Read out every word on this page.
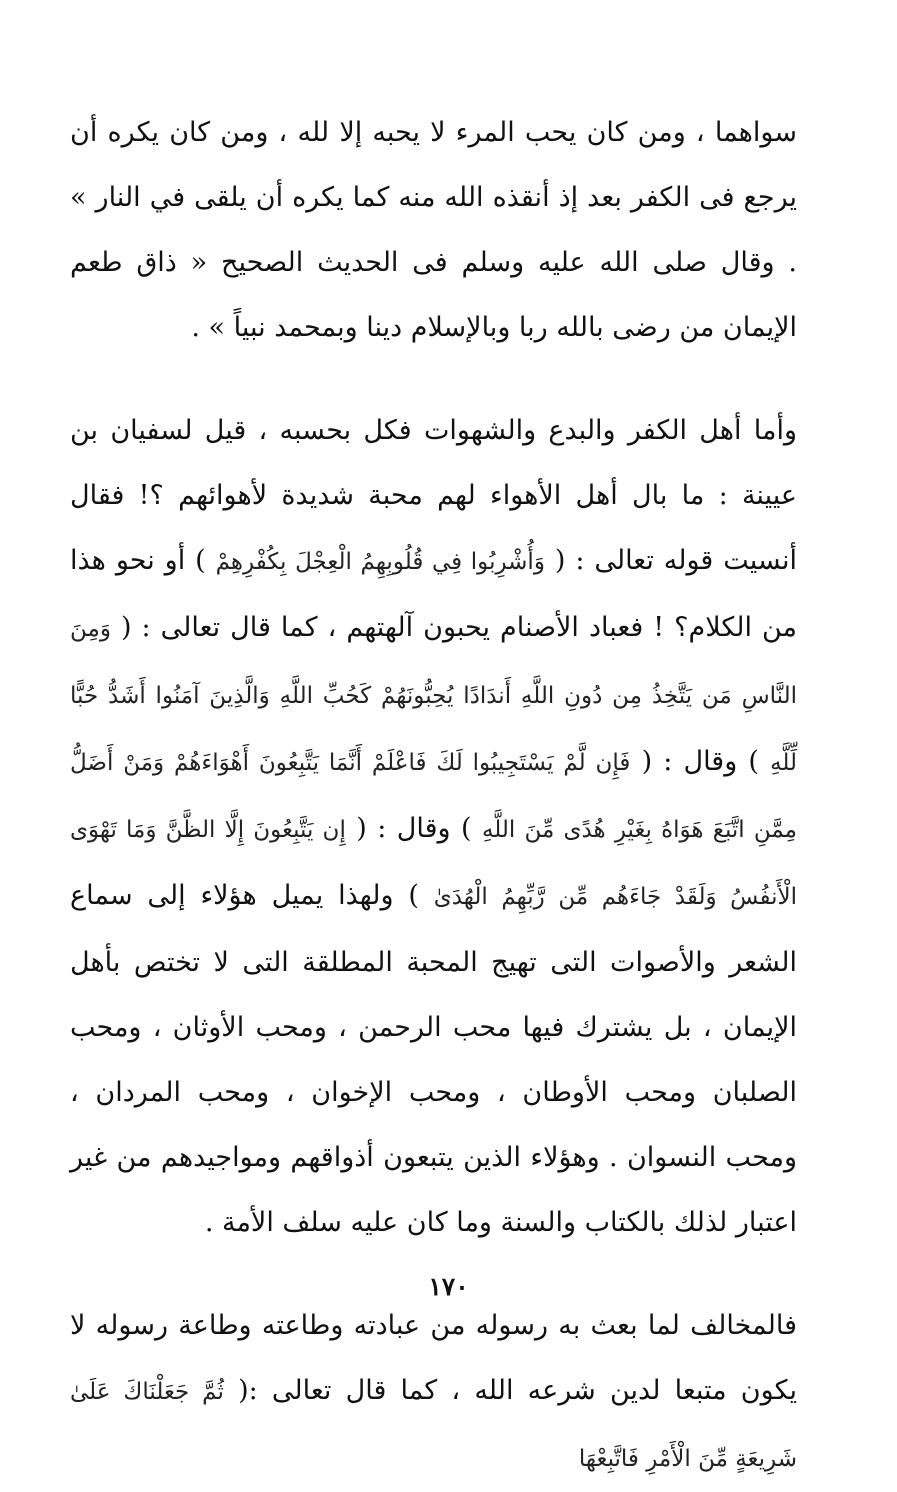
سواهما ، ومن كان يحب المرء لا يحبه إلا لله ، ومن كان يكره أن يرجع فى الكفر بعد إذ أنقذه الله منه كما يكره أن يلقى في النار » . وقال صلى الله عليه وسلم فى الحديث الصحيح « ذاق طعم الإيمان من رضى بالله ربا وبالإسلام دينا وبمحمد نبياً » .

وأما أهل الكفر والبدع والشهوات فكل بحسبه ، قيل لسفيان بن عيينة : ما بال أهل الأهواء لهم محبة شديدة لأهوائهم ؟! فقال أنسيت قوله تعالى : ( وَأُشْرِبُوا فِي قُلُوبِهِمُ الْعِجْلَ بِكُفْرِهِمْ ) أو نحو هذا من الكلام؟ ! فعباد الأصنام يحبون آلهتهم ، كما قال تعالى : ( وَمِنَ النَّاسِ مَن يَتَّخِذُ مِن دُونِ اللَّهِ أَندَادًا يُحِبُّونَهُمْ كَحُبِّ اللَّهِ وَالَّذِينَ آمَنُوا أَشَدُّ حُبًّا لِّلَّهِ ) وقال : ( فَإِن لَّمْ يَسْتَجِيبُوا لَكَ فَاعْلَمْ أَنَّمَا يَتَّبِعُونَ أَهْوَاءَهُمْ وَمَنْ أَضَلُّ مِمَّنِ اتَّبَعَ هَوَاهُ بِغَيْرِ هُدًى مِّنَ اللَّهِ ) وقال : ( إِن يَتَّبِعُونَ إِلَّا الظَّنَّ وَمَا تَهْوَى الْأَنفُسُ وَلَقَدْ جَاءَهُم مِّن رَّبِّهِمُ الْهُدَىٰ ) ولهذا يميل هؤلاء إلى سماع الشعر والأصوات التى تهيج المحبة المطلقة التى لا تختص بأهل الإيمان ، بل يشترك فيها محب الرحمن ، ومحب الأوثان ، ومحب الصلبان ومحب الأوطان ، ومحب الإخوان ، ومحب المردان ، ومحب النسوان . وهؤلاء الذين يتبعون أذواقهم ومواجيدهم من غير اعتبار لذلك بالكتاب والسنة وما كان عليه سلف الأمة .

فالمخالف لما بعث به رسوله من عبادته وطاعته وطاعة رسوله لا يكون متبعا لدين شرعه الله ، كما قال تعالى :( ثُمَّ جَعَلْنَاكَ عَلَىٰ شَرِيعَةٍ مِّنَ الْأَمْرِ فَاتَّبِعْهَا

١٧٠
